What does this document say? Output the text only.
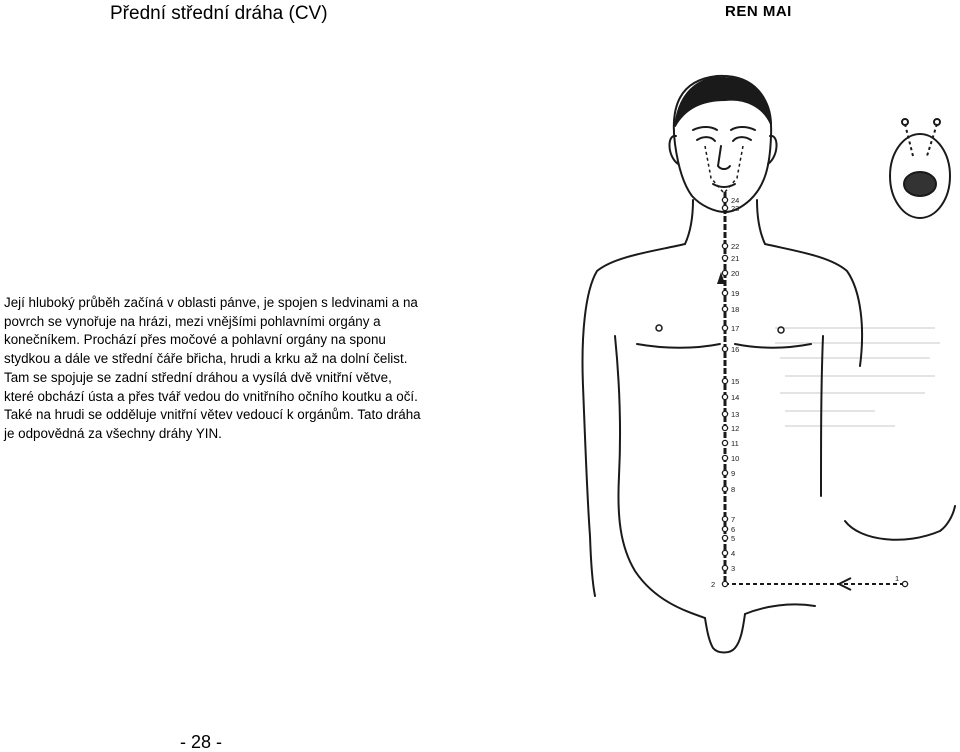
Přední střední dráha (CV)	REN MAI

Její hluboký průběh začíná v oblasti pánve, je spojen s ledvinami a na povrch se vynořuje na hrázi, mezi vnějšími pohlavními orgány a konečníkem. Prochází přes močové a pohlavní orgány na sponu stydkou a dále ve střední čáře břicha, hrudi a krku až na dolní čelist.

Tam se spojuje se zadní střední dráhou a vysílá dvě vnitřní větve, které obchází ústa a přes tvář vedou do vnitřního očního koutku a očí. Také na hrudi se odděluje vnitřní větev vedoucí k orgánům. Tato dráha je odpovědná za všechny dráhy YIN.

24
23
22
21
20
19
18
17
16
15
14
13
12
11
10
9
8
7
6
5
4
3
2
1
- 28 -
